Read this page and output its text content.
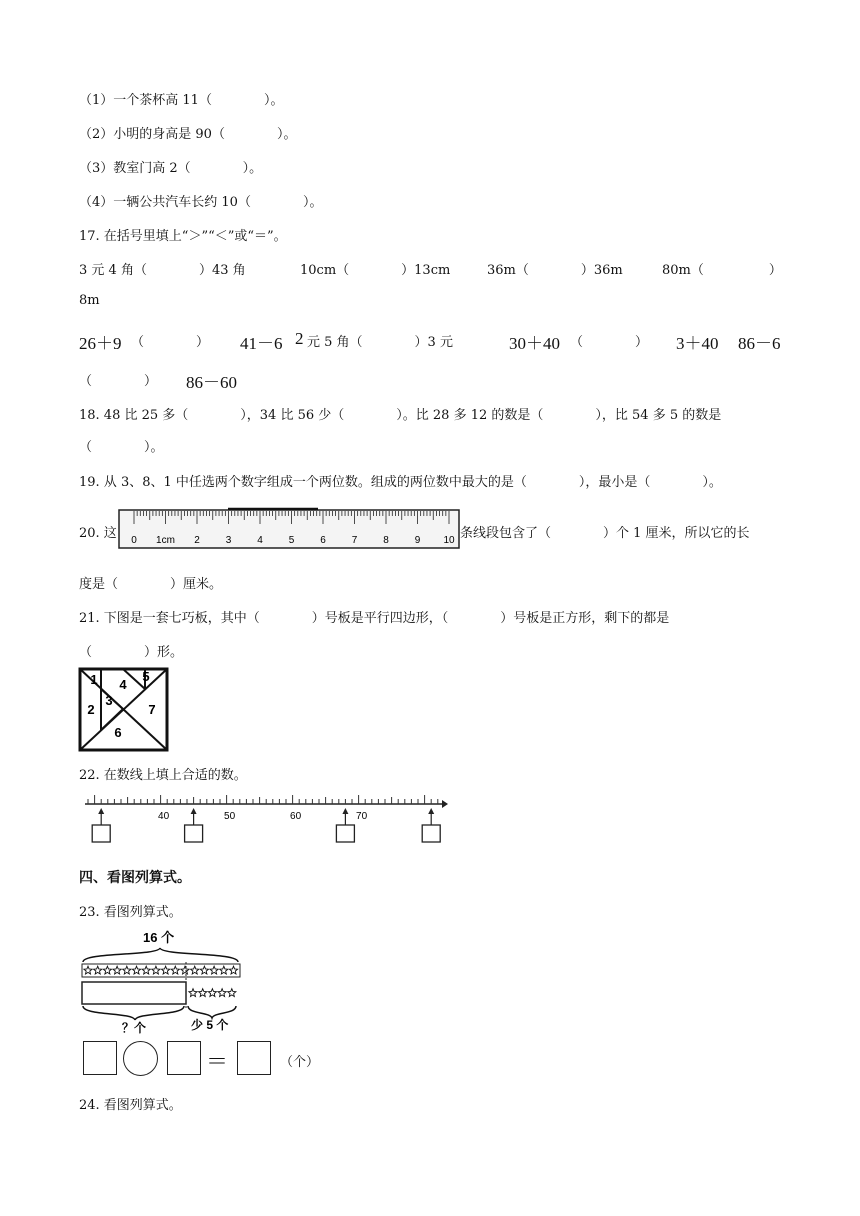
（1）一个茶杯高 11（　　　　）。
（2）小明的身高是 90（　　　　）。
（3）教室门高 2（　　　　）。
（4）一辆公共汽车长约 10（　　　　）。
17. 在括号里填上“＞”“＜”或“＝”。
3 元 4 角（　　　　）43 角	10cm（　　　　）13cm	36m（　　　　）36m	80m（　　　　　）
8m
26＋9 （　　　　） 41－6 2 元 5 角（　　　　）3 元	30＋40 （　　　　） 3＋40 86－6
（　　　　） 86－60
18. 48 比 25 多（　　　　），34 比 56 少（　　　　）。比 28 多 12 的数是（　　　　），比 54 多 5 的数是
（　　　　）。
19. 从 3、8、1 中任选两个数字组成一个两位数。组成的两位数中最大的是（　　　　），最小是（　　　　）。
20. 这 0 1cm 2	3	4	5	6	7	8	9 10 条线段包含了（　　　　）个 1 厘米，所以它的长
度是（　　　　）厘米。
21. 下图是一套七巧板，其中（　　　　）号板是平行四边形，（　　　　）号板是正方形，剩下的都是
（　　　　）形。
1
2
3
4
5
6
7
22. 在数线上填上合适的数。
40	50	60	70
四、看图列算式。
23. 看图列算式。
16 个
？个	少 5 个
＝	（个）
24. 看图列算式。
